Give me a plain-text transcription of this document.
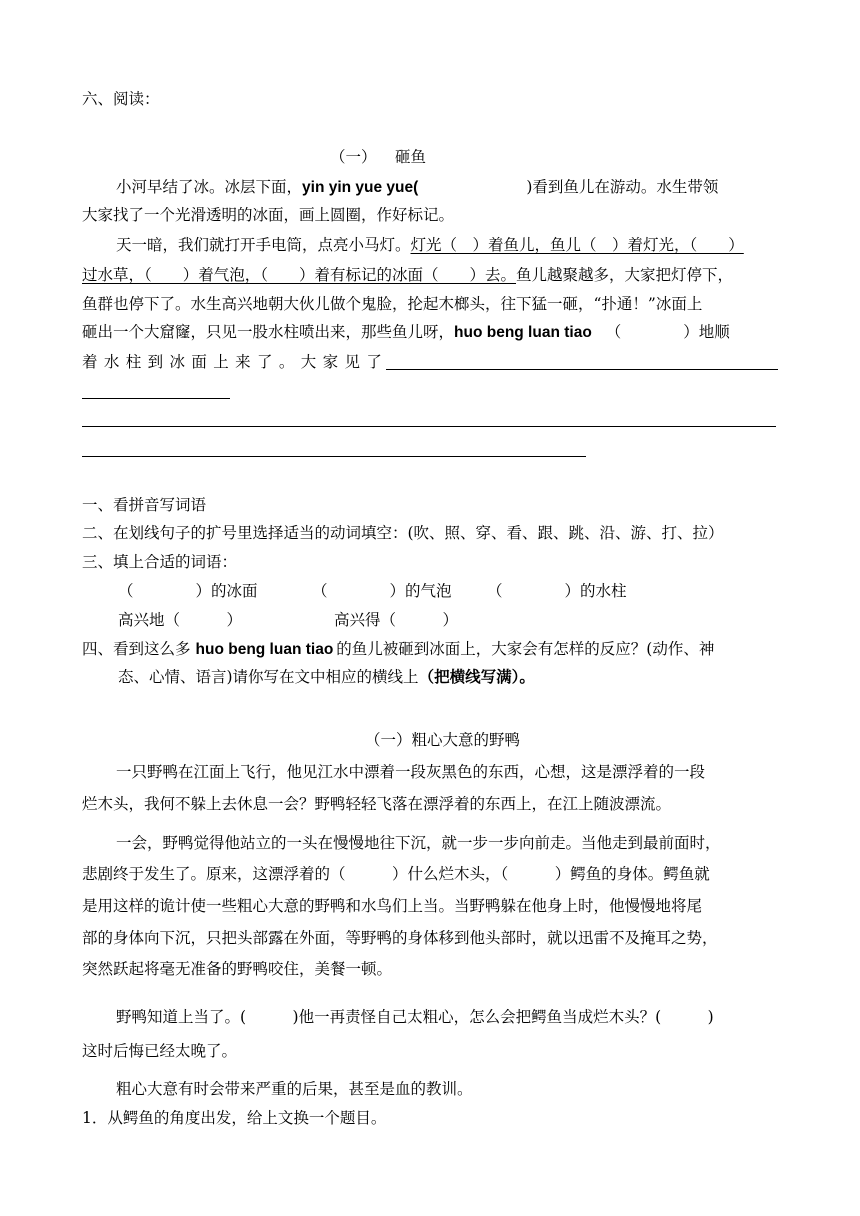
六、阅读：
（一） 砸鱼
小河早结了冰。冰层下面，yin yin yue yue(	)看到鱼儿在游动。水生带领
大家找了一个光滑透明的冰面，画上圆圈，作好标记。
天一暗，我们就打开手电筒，点亮小马灯。灯光（　）着鱼儿，鱼儿（　）着灯光，（　　）
过水草，（　　）着气泡，（　　）着有标记的冰面（　　）去。鱼儿越聚越多，大家把灯停下，
鱼群也停下了。水生高兴地朝大伙儿做个鬼脸，抡起木榔头，往下猛一砸，“扑通！”冰面上
砸出一个大窟窿，只见一股水柱喷出来，那些鱼儿呀，huo beng luan tiao （　　　　）地顺
着 水 柱 到 冰 面 上 来 了 。 大 家 见 了
一、看拼音写词语
二、在划线句子的扩号里选择适当的动词填空：(吹、照、穿、看、跟、跳、沿、游、打、拉）
三、填上合适的词语：
（　　　　）的冰面	（　　　　）的气泡 （　　　　）的水柱
高兴地（　　　）	高兴得（　　　）
四、看到这么多 huo beng luan tiao 的鱼儿被砸到冰面上，大家会有怎样的反应？(动作、神
态、心情、语言)请你写在文中相应的横线上（把横线写满）。
（一）粗心大意的野鸭
一只野鸭在江面上飞行，他见江水中漂着一段灰黑色的东西，心想，这是漂浮着的一段
烂木头，我何不躲上去休息一会？野鸭轻轻飞落在漂浮着的东西上，在江上随波漂流。
一会，野鸭觉得他站立的一头在慢慢地往下沉，就一步一步向前走。当他走到最前面时，
悲剧终于发生了。原来，这漂浮着的（　　　）什么烂木头，（　　　）鳄鱼的身体。鳄鱼就
是用这样的诡计使一些粗心大意的野鸭和水鸟们上当。当野鸭躲在他身上时，他慢慢地将尾
部的身体向下沉，只把头部露在外面，等野鸭的身体移到他头部时，就以迅雷不及掩耳之势，
突然跃起将毫无准备的野鸭咬住，美餐一顿。
野鸭知道上当了。(　　　)他一再责怪自己太粗心，怎么会把鳄鱼当成烂木头？(　　　)
这时后悔已经太晚了。
粗心大意有时会带来严重的后果，甚至是血的教训。
1．从鳄鱼的角度出发，给上文换一个题目。
